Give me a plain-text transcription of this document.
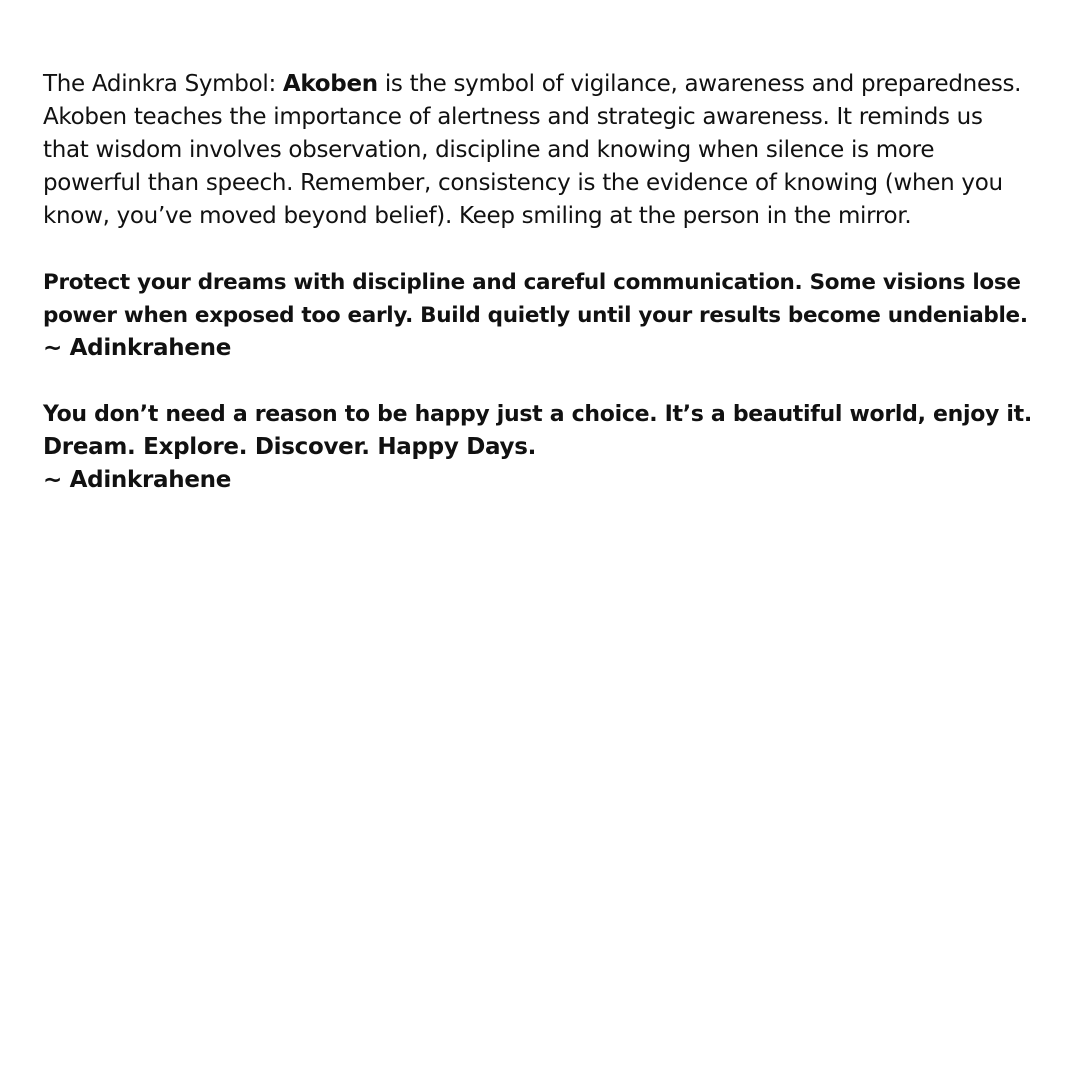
The Adinkra Symbol: Akoben is the symbol of vigilance, awareness and preparedness.
Akoben teaches the importance of alertness and strategic awareness. It reminds us
that wisdom involves observation, discipline and knowing when silence is more
powerful than speech. Remember, consistency is the evidence of knowing (when you
know, you’ve moved beyond belief). Keep smiling at the person in the mirror.
Protect your dreams with discipline and careful communication. Some visions lose
power when exposed too early. Build quietly until your results become undeniable.
~ Adinkrahene
You don’t need a reason to be happy just a choice. It’s a beautiful world, enjoy it.
Dream. Explore. Discover. Happy Days.
~ Adinkrahene
